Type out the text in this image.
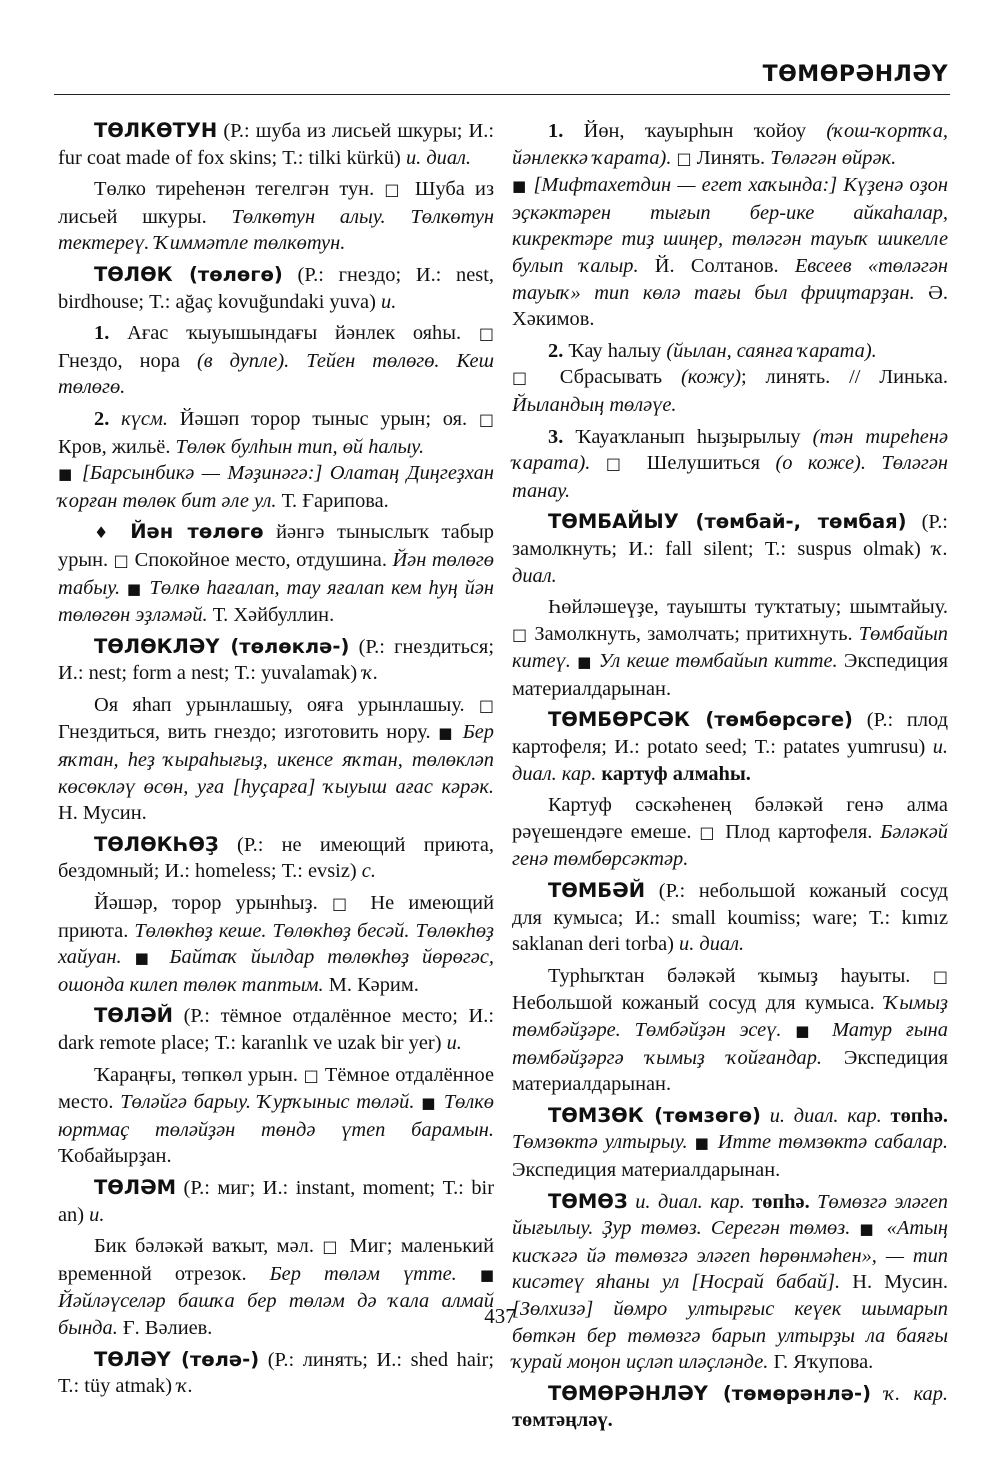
ТӨМӨРӘНЛӘҮ

ТӨЛКӨТУН (Р.: шуба из лисьей шкуры; И.: fur coat made of fox skins; Т.: tilki kürkü) и. диал.

Төлко тиреһенән тегелгән тун. □ Шуба из лисьей шкуры. Төлкөтун алыу. Төлкөтун тектереү. Ҡиммәтле төлкөтун.

ТӨЛӨК (төлөгө) (Р.: гнездо; И.: nest, birdhouse; Т.: ağaç kovuğundaki yuva) и.

1. Ағас ҡыуышындағы йәнлек ояһы. □ Гнездо, нора (в дупле). Тейен төлөгө. Кеш төлөгө.

2. күсм. Йәшәп торор тыныс урын; оя. □ Кров, жильё. Төлөк булһын тип, өй һалыу.
■ [Барсынбикә — Мәҙинәгә:] Олатаң Диңгеҙхан ҡорған төлөк бит әле ул. Т. Ғарипова.

♦ Йән төлөгө йәнгә тыныслыҡ табыр урын. □ Спокойное место, отдушина. Йән төлөгө табыу. ■ Төлкө һағалап, тау яғалап кем һуң йән төлөгөн эҙләмәй. Т. Хәйбуллин.

ТӨЛӨКЛӘҮ (төлөклә-) (Р.: гнездиться; И.: nest; form a nest; Т.: yuvalamak) ҡ.

Оя яһап урынлашыу, ояға урынлашыу. □ Гнездиться, вить гнездо; изготовить нору. ■ Бер яҡтан, һеҙ ҡыраһығыҙ, икенсе яҡтан, төлөкләп көсөкләү өсөн, уға [һуҫарға] ҡыуыш ағас кәрәк. Н. Мусин.

ТӨЛӨКҺӨҘ (Р.: не имеющий приюта, бездомный; И.: homeless; Т.: evsiz) с.

Йәшәр, торор урынһыҙ. □ Не имеющий приюта. Төлөкһөҙ кеше. Төлөкһөҙ бесәй. Төлөкһөҙ хайуан. ■ Байтаҡ йылдар төлөкһөҙ йөрөгәс, ошонда килеп төлөк таптым. М. Кәрим.

ТӨЛӘЙ (Р.: тёмное отдалённое место; И.: dark remote place; Т.: karanlık ve uzak bir yer) и.

Ҡараңғы, төпкөл урын. □ Тёмное отдалённое место. Төләйгә барыу. Ҡурҡыныс төләй. ■ Төлкө юртмаҫ төләйҙән төндә үтеп барамын. Ҡобайырҙан.

ТӨЛӘМ (Р.: миг; И.: instant, moment; Т.: bir an) и.

Бик бәләкәй ваҡыт, мәл. □ Миг; маленький временной отрезок. Бер төләм үтте. ■ Йәйләүселәр башҡа бер төләм дә ҡала алмай бында. Ғ. Вәлиев.

ТӨЛӘҮ (төлә-) (Р.: линять; И.: shed hair; Т.: tüy atmak) ҡ.

1. Йөн, ҡауырһын ҡойоу (ҡош-ҡортҡа, йәнлеккә ҡарата). □ Линять. Төләгән өйрәк.
■ [Мифтахетдин — егет хаҡында:] Күҙенә оҙон эҫкәктәрен тығып бер-ике айкаһалар, кикректәре тиҙ шиңер, төләгән тауыҡ шикелле булып ҡалыр. Й. Солтанов. Евсеев «төләгән тауыҡ» тип көлә тағы был фрицтарҙан. Ә. Хәкимов.

2. Ҡау һалыу (йылан, саянға ҡарата).
□ Сбрасывать (кожу); линять. // Линька. Йыландың төләүе.

3. Ҡауаҡланып һыҙырылыу (тән тиреһенә ҡарата). □ Шелушиться (о коже). Төләгән танау.

ТӨМБАЙЫУ (төмбай-, төмбая) (Р.: замолкнуть; И.: fall silent; Т.: suspus olmak) ҡ. диал.

Һөйләшеүҙе, тауышты туҡтатыу; шымтайыу. □ Замолкнуть, замолчать; притихнуть. Төмбайып китеү. ■ Ул кеше төмбайып китте. Экспедиция материалдарынан.

ТӨМБӨРСӘК (төмбөрсәге) (Р.: плод картофеля; И.: potato seed; Т.: patates yumrusu) и. диал. кар. картуф алмаһы.

Картуф сәскәһенең бәләкәй генә алма рәүешендәге емеше. □ Плод картофеля. Бәләкәй генә төмбөрсәктәр.

ТӨМБӘЙ (Р.: небольшой кожаный сосуд для кумыса; И.: small koumiss; ware; Т.: kımız saklanan deri torba) и. диал.

Турһыҡтан бәләкәй ҡымыҙ һауыты. □ Небольшой кожаный сосуд для кумыса. Ҡымыҙ төмбәйҙәре. Төмбәйҙән эсеү. ■ Матур ғына төмбәйҙәргә ҡымыҙ ҡойғандар. Экспедиция материалдарынан.

ТӨМЗӨК (төмзөгө) и. диал. кар. төпһә. Төмзөктә ултырыу. ■ Итте төмзөктә сабалар. Экспедиция материалдарынан.

ТӨМӨЗ и. диал. кар. төпһә. Төмөзгә эләгеп йығылыу. Ҙур төмөз. Серегән төмөз. ■ «Атың кисҡәгә йә төмөзгә эләгеп һөрөнмәһен», — тип кисәтеү яһаны ул [Носрай бабай]. Н. Мусин. [Зөлхизә] йөмро ултырғыс кеүек шымарып бөткән бер төмөзгә барып ултырҙы ла баяғы ҡурай моңон иҫләп иләҫләнде. Г. Яҡупова.

ТӨМӨРӘНЛӘҮ (төмөрәнлә-) ҡ. кар. төмтәңләү.

437
